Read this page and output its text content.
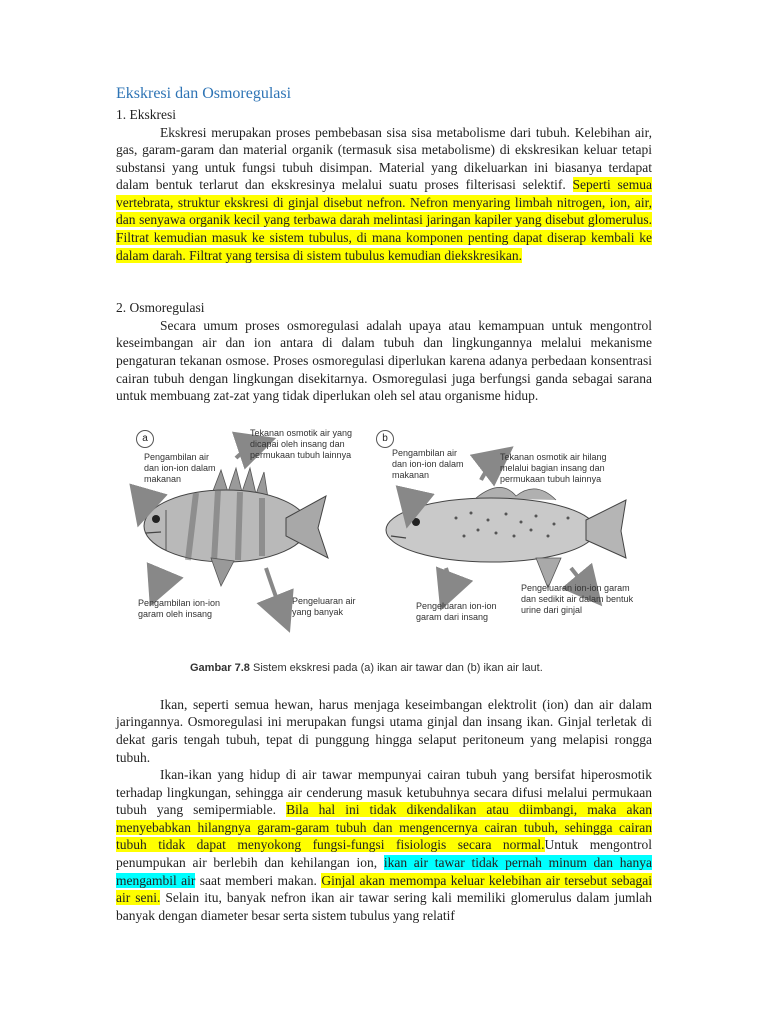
Ekskresi dan Osmoregulasi
1. Ekskresi

Ekskresi merupakan proses pembebasan sisa sisa metabolisme dari tubuh. Kelebihan air, gas, garam-garam dan material organik (termasuk sisa metabolisme) di ekskresikan keluar tetapi substansi yang untuk fungsi tubuh disimpan. Material yang dikeluarkan ini biasanya terdapat dalam bentuk terlarut dan ekskresinya melalui suatu proses filterisasi selektif. Seperti semua vertebrata, struktur ekskresi di ginjal disebut nefron. Nefron menyaring limbah nitrogen, ion, air, dan senyawa organik kecil yang terbawa darah melintasi jaringan kapiler yang disebut glomerulus. Filtrat kemudian masuk ke sistem tubulus, di mana komponen penting dapat diserap kembali ke dalam darah. Filtrat yang tersisa di sistem tubulus kemudian diekskresikan.

2. Osmoregulasi

Secara umum proses osmoregulasi adalah upaya atau kemampuan untuk mengontrol keseimbangan air dan ion antara di dalam tubuh dan lingkungannya melalui mekanisme pengaturan tekanan osmose. Proses osmoregulasi diperlukan karena adanya perbedaan konsentrasi cairan tubuh dengan lingkungan disekitarnya. Osmoregulasi juga berfungsi ganda sebagai sarana untuk membuang zat-zat yang tidak diperlukan oleh sel atau organisme hidup.

a	b
Pengambilan air dan ion-ion dalam makanan
Tekanan osmotik air yang dicapai oleh insang dan permukaan tubuh lainnya
Pengambilan ion-ion garam oleh insang
Pengeluaran air yang banyak
Pengambilan air dan ion-ion dalam makanan
Tekanan osmotik air hilang melalui bagian insang dan permukaan tubuh lainnya
Pengeluaran ion-ion garam dari insang
Pengeluaran ion-ion garam dan sedikit air dalam bentuk urine dari ginjal
Gambar 7.8 Sistem ekskresi pada (a) ikan air tawar dan (b) ikan air laut.

Ikan, seperti semua hewan, harus menjaga keseimbangan elektrolit (ion) dan air dalam jaringannya. Osmoregulasi ini merupakan fungsi utama ginjal dan insang ikan. Ginjal terletak di dekat garis tengah tubuh, tepat di punggung hingga selaput peritoneum yang melapisi rongga tubuh.

Ikan-ikan yang hidup di air tawar mempunyai cairan tubuh yang bersifat hiperosmotik terhadap lingkungan, sehingga air cenderung masuk ketubuhnya secara difusi melalui permukaan tubuh yang semipermiable. Bila hal ini tidak dikendalikan atau diimbangi, maka akan menyebabkan hilangnya garam-garam tubuh dan mengencernya cairan tubuh, sehingga cairan tubuh tidak dapat menyokong fungsi-fungsi fisiologis secara normal.Untuk mengontrol penumpukan air berlebih dan kehilangan ion, ikan air tawar tidak pernah minum dan hanya mengambil air saat memberi makan. Ginjal akan memompa keluar kelebihan air tersebut sebagai air seni. Selain itu, banyak nefron ikan air tawar sering kali memiliki glomerulus dalam jumlah banyak dengan diameter besar serta sistem tubulus yang relatif
